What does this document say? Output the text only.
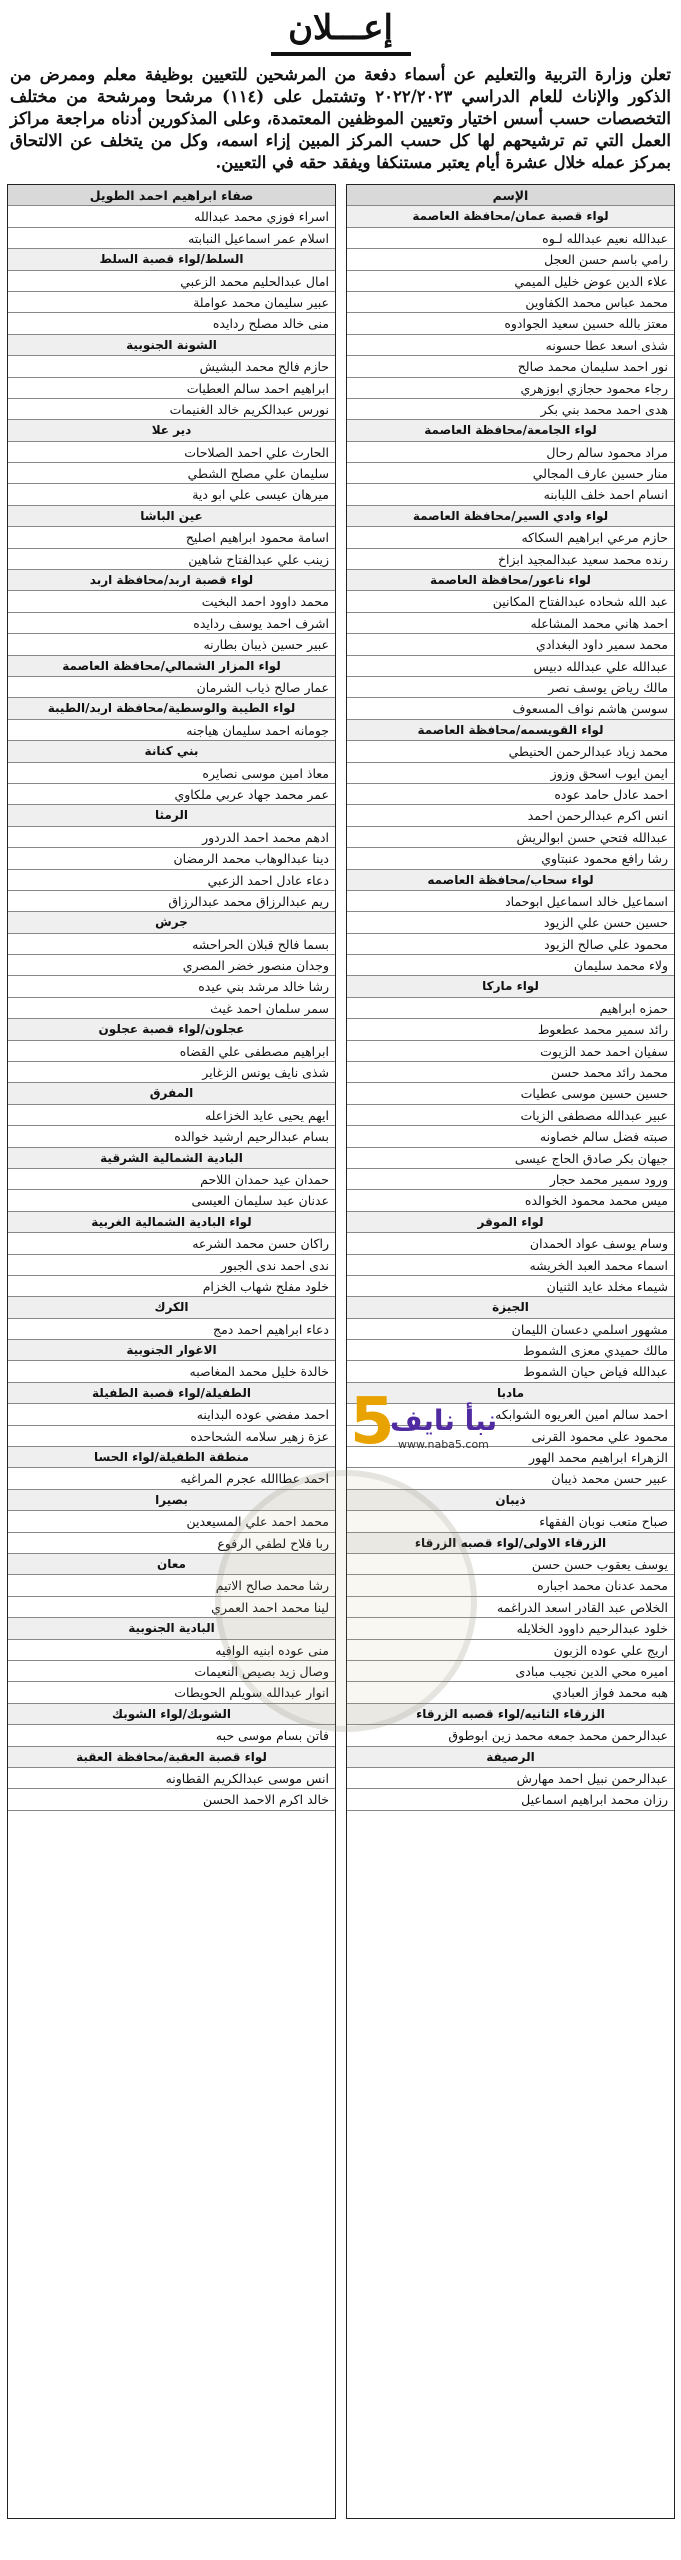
إعـــلان

تعلن وزارة التربية والتعليم عن أسماء دفعة من المرشحين للتعيين بوظيفة معلم وممرض من الذكور والإناث للعام الدراسي ٢٠٢٢/٢٠٢٣ وتشتمل على (١١٤) مرشحا ومرشحة من مختلف التخصصات حسب أسس اختيار وتعيين الموظفين المعتمدة، وعلى المذكورين أدناه مراجعة مراكز العمل التي تم ترشيحهم لها كل حسب المركز المبين إزاء اسمه، وكل من يتخلف عن الالتحاق بمركز عمله خلال عشرة أيام يعتبر مستنكفا ويفقد حقه في التعيين.

الإسم
لواء قصبة عمان/محافظة العاصمة
عبدالله نعيم عبدالله لـوه
رامي باسم حسن العجل
علاء الدين عوض خليل الميمي
محمد عباس محمد الكفاوين
معتز بالله حسين سعيد الجوادوه
شذى اسعد عطا حسونه
نور احمد سليمان محمد صالح
رجاء محمود حجازي ابوزهري
هدى احمد محمد بني بكر
لواء الجامعة/محافظة العاصمة
مراد محمود سالم رحال
منار حسين عارف المجالي
انسام احمد خلف اللبابنه
لواء وادي السير/محافظة العاصمة
حازم مرعي ابراهيم السكاكه
رنده محمد سعيد عبدالمجيد ابزاخ
لواء ناعور/محافظة العاصمة
عبد الله شحاده عبدالفتاح المكانين
احمد هاني محمد المشاعله
محمد سمير داود البغدادي
عبدالله علي عبدالله دبيس
مالك رياض يوسف نصر
سوسن هاشم نواف المسعوف
لواء القويسمه/محافظة العاصمة
محمد زياد عبدالرحمن الحنيطي
ايمن ايوب اسحق وزوز
احمد عادل حامد عوده
انس اكرم عبدالرحمن احمد
عبدالله فتحي حسن ابوالريش
رشا رافع محمود عنبتاوي
لواء سحاب/محافظة العاصمه
اسماعيل خالد اسماعيل ابوحماد
حسين حسن علي الزيود
محمود علي صالح الزيود
ولاء محمد سليمان
لواء ماركا
حمزه ابراهيم
رائد سمير محمد عطعوط
سفيان احمد حمد الزيوت
محمد رائد محمد حسن
حسين حسين موسى عطيات
عبير عبدالله مصطفى الزيات
صبته فضل سالم خصاونه
جيهان بكر صادق الحاج عيسى
ورود سمير محمد حجار
ميس محمد محمود الخوالده
لواء الموقر
وسام يوسف عواد الحمدان
اسماء محمد العبد الخريشه
شيماء مخلد عايد الثنيان
الجيزة
مشهور اسلمي دعسان الليمان
مالك حميدي معزى الشموط
عبدالله فياض حيان الشموط
مادبا
احمد سالم امين العريوه الشوابكه
محمود علي محمود القرنى
الزهراء ابراهيم محمد الهور
عبير حسن محمد ذيبان
ذيبان
صباح متعب نوبان الفقهاء
الزرقاء الاولى/لواء قصبه الزرقاء
يوسف يعقوب حسن حسن
محمد عدنان محمد اجباره
الخلاص عبد القادر اسعد الدراغمه
خلود عبدالرحيم داوود الخلايله
اريج علي عوده الزبون
اميره محي الدين نجيب مبادى
هبه محمد فواز العبادي
الزرقاء الثانيه/لواء قصبه الزرقاء
عبدالرحمن محمد جمعه محمد زين ابوطوق
الرصيفة
عبدالرحمن نبيل احمد مهارش
رزان محمد ابراهيم اسماعيل
صفاء ابراهيم احمد الطويل
اسراء فوزي محمد عبدالله
اسلام عمر اسماعيل النبابته
السلط/لواء قصبة السلط
امال عبدالحليم محمد الزعبي
عبير سليمان محمد عواملة
منى خالد مصلح ردايده
الشونة الجنوبية
حازم فالح محمد البشيش
ابراهيم احمد سالم العطيات
نورس عبدالكريم خالد الغنيمات
دير علا
الحارث علي احمد الصلاحات
سليمان علي مصلح الشطي
ميرهان عيسى علي ابو دية
عين الباشا
اسامة محمود ابراهيم اصليح
زينب علي عبدالفتاح شاهين
لواء قصبة اربد/محافظة اربد
محمد داوود احمد البخيت
اشرف احمد يوسف ردايده
عبير حسين ذيبان بطارنه
لواء المزار الشمالي/محافظة العاصمة
عمار صالح ذياب الشرمان
لواء الطيبة والوسطية/محافظة اربد/الطيبة
جومانه احمد سليمان هياجنه
بني كنانة
معاذ امين موسى نصايره
عمر محمد جهاد عربي ملكاوي
الرمثا
ادهم محمد احمد الدردور
دينا عبدالوهاب محمد الرمضان
دعاء عادل احمد الزعبي
ريم عبدالرزاق محمد عبدالرزاق
جرش
بسما فالح قبلان الحراحشه
وجدان منصور خضر المصري
رشا خالد مرشد بني عيده
سمر سلمان احمد غيث
عجلون/لواء قصبة عجلون
ابراهيم مصطفى علي القضاه
شذى نايف يونس الزغاير
المفرق
ايهم يحيى عايد الخزاعله
بسام عبدالرحيم ارشيد خوالده
البادية الشمالية الشرقية
حمدان عيد حمدان اللاحم
عدنان عبد سليمان العيسى
لواء البادية الشمالية الغربية
راكان حسن محمد الشرعه
ندى احمد ندى الجبور
خلود مفلح شهاب الخزام
الكرك
دعاء ابراهيم احمد دمج
الاغوار الجنوبية
خالدة خليل محمد المغاصبه
الطفيلة/لواء قصبة الطفيلة
احمد مفضي عوده البداينه
عزة زهير سلامه الشحاحده
منطقة الطفيلة/لواء الحسا
احمد عطاالله عجرم المراغيه
بصيرا
محمد احمد علي المسيعدين
ربا فلاح لطفي الرفوع
معان
رشا محمد صالح الاتيم
لينا محمد احمد العمري
البادية الجنوبية
منى عوده ابنيه الوافيه
وصال زيد بصيص النعيمات
انوار عبدالله سويلم الحويطات
الشوبك/لواء الشوبك
فاتن بسام موسى حبه
لواء قصبة العقبة/محافظة العقبة
انس موسى عبدالكريم القطاونه
خالد اكرم الاحمد الحسن
5
نبأ نايف
www.naba5.com
